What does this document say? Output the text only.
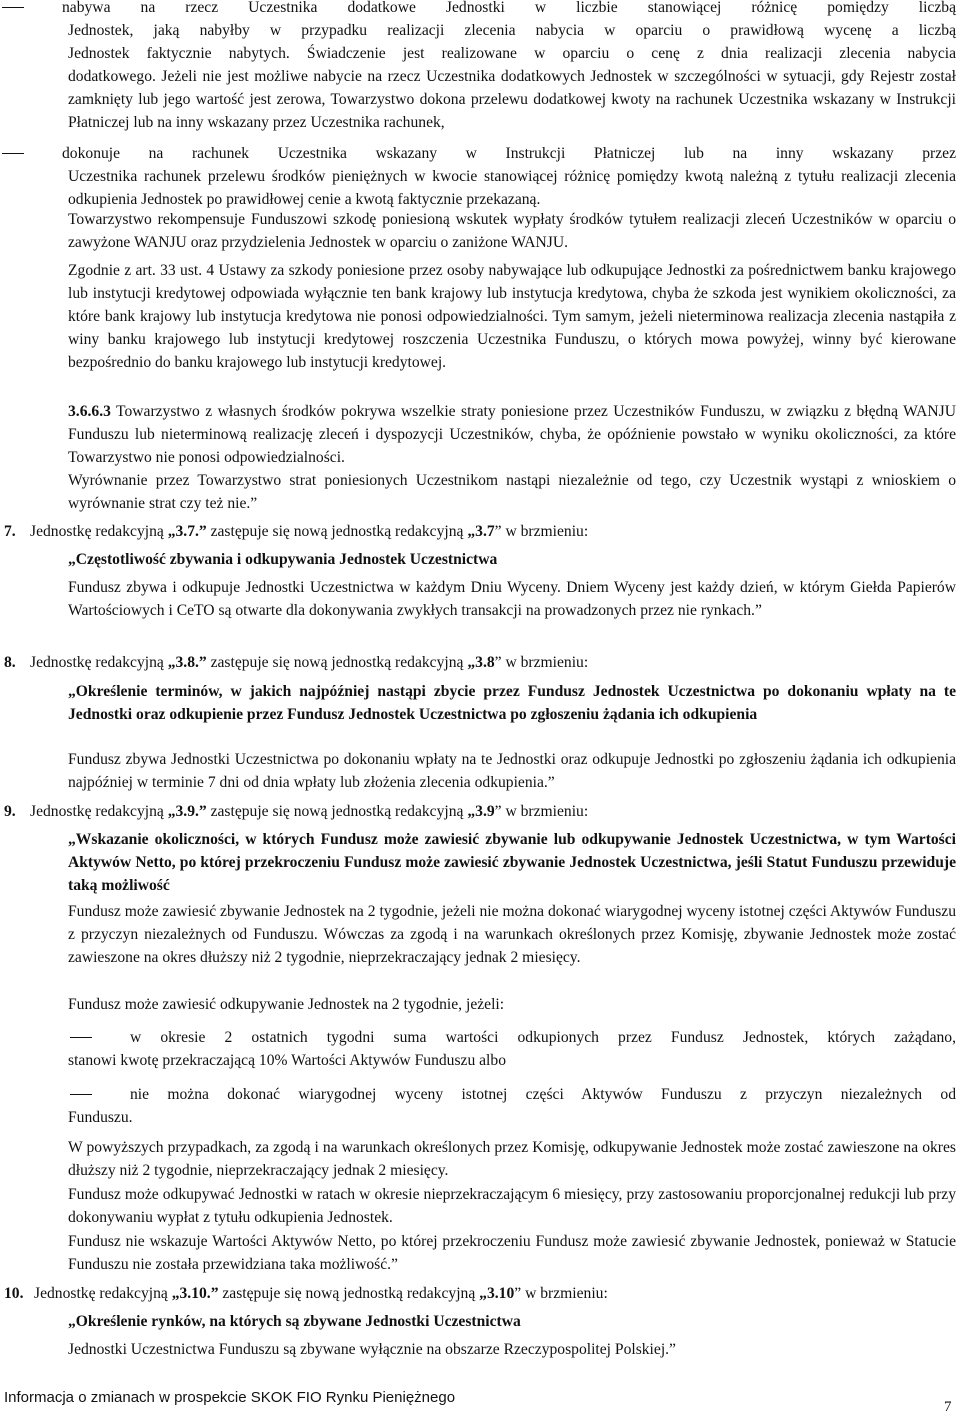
nabywa na rzecz Uczestnika dodatkowe Jednostki w liczbie stanowiącej różnicę pomiędzy liczbą
Jednostek, jaką nabyłby w przypadku realizacji zlecenia nabycia w oparciu o prawidłową wycenę a liczbą
Jednostek faktycznie nabytych. Świadczenie jest realizowane w oparciu o cenę z dnia realizacji zlecenia nabycia
dodatkowego. Jeżeli nie jest możliwe nabycie na rzecz Uczestnika dodatkowych Jednostek w szczególności w sytuacji, gdy Rejestr został zamknięty lub jego wartość jest zerowa, Towarzystwo dokona przelewu dodatkowej kwoty na rachunek Uczestnika wskazany w Instrukcji Płatniczej lub na inny wskazany przez Uczestnika rachunek,
dokonuje na rachunek Uczestnika wskazany w Instrukcji Płatniczej lub na inny wskazany przez
Uczestnika rachunek przelewu środków pieniężnych w kwocie stanowiącej różnicę pomiędzy kwotą należną z tytułu realizacji zlecenia odkupienia Jednostek po prawidłowej cenie a kwotą faktycznie przekazaną.
Towarzystwo rekompensuje Funduszowi szkodę poniesioną wskutek wypłaty środków tytułem realizacji zleceń Uczestników w oparciu o zawyżone WANJU oraz przydzielenia Jednostek w oparciu o zaniżone WANJU.
Zgodnie z art. 33 ust. 4 Ustawy za szkody poniesione przez osoby nabywające lub odkupujące Jednostki za pośrednictwem banku krajowego lub instytucji kredytowej odpowiada wyłącznie ten bank krajowy lub instytucja kredytowa, chyba że szkoda jest wynikiem okoliczności, za które bank krajowy lub instytucja kredytowa nie ponosi odpowiedzialności. Tym samym, jeżeli nieterminowa realizacja zlecenia nastąpiła z winy banku krajowego lub instytucji kredytowej roszczenia Uczestnika Funduszu, o których mowa powyżej, winny być kierowane bezpośrednio do banku krajowego lub instytucji kredytowej.
3.6.6.3 Towarzystwo z własnych środków pokrywa wszelkie straty poniesione przez Uczestników Funduszu, w związku z błędną WANJU Funduszu lub nieterminową realizację zleceń i dyspozycji Uczestników, chyba, że opóźnienie powstało w wyniku okoliczności, za które Towarzystwo nie ponosi odpowiedzialności.
Wyrównanie przez Towarzystwo strat poniesionych Uczestnikom nastąpi niezależnie od tego, czy Uczestnik wystąpi z wnioskiem o wyrównanie strat czy też nie.”
7. Jednostkę redakcyjną „3.7.” zastępuje się nową jednostką redakcyjną „3.7” w brzmieniu:
„Częstotliwość zbywania i odkupywania Jednostek Uczestnictwa
Fundusz zbywa i odkupuje Jednostki Uczestnictwa w każdym Dniu Wyceny. Dniem Wyceny jest każdy dzień, w którym Giełda Papierów Wartościowych i CeTO są otwarte dla dokonywania zwykłych transakcji na prowadzonych przez nie rynkach.”
8. Jednostkę redakcyjną „3.8.” zastępuje się nową jednostką redakcyjną „3.8” w brzmieniu:
„Określenie terminów, w jakich najpóźniej nastąpi zbycie przez Fundusz Jednostek Uczestnictwa po dokonaniu wpłaty na te Jednostki oraz odkupienie przez Fundusz Jednostek Uczestnictwa po zgłoszeniu żądania ich odkupienia
Fundusz zbywa Jednostki Uczestnictwa po dokonaniu wpłaty na te Jednostki oraz odkupuje Jednostki po zgłoszeniu żądania ich odkupienia najpóźniej w terminie 7 dni od dnia wpłaty lub złożenia zlecenia odkupienia.”
9. Jednostkę redakcyjną „3.9.” zastępuje się nową jednostką redakcyjną „3.9” w brzmieniu:
„Wskazanie okoliczności, w których Fundusz może zawiesić zbywanie lub odkupywanie Jednostek Uczestnictwa, w tym Wartości Aktywów Netto, po której przekroczeniu Fundusz może zawiesić zbywanie Jednostek Uczestnictwa, jeśli Statut Funduszu przewiduje taką możliwość
Fundusz może zawiesić zbywanie Jednostek na 2 tygodnie, jeżeli nie można dokonać wiarygodnej wyceny istotnej części Aktywów Funduszu z przyczyn niezależnych od Funduszu. Wówczas za zgodą i na warunkach określonych przez Komisję, zbywanie Jednostek może zostać zawieszone na okres dłuższy niż 2 tygodnie, nieprzekraczający jednak 2 miesięcy.
Fundusz może zawiesić odkupywanie Jednostek na 2 tygodnie, jeżeli:
w okresie 2 ostatnich tygodni suma wartości odkupionych przez Fundusz Jednostek, których zażądano,
stanowi kwotę przekraczającą 10% Wartości Aktywów Funduszu albo
nie można dokonać wiarygodnej wyceny istotnej części Aktywów Funduszu z przyczyn niezależnych od
Funduszu.
W powyższych przypadkach, za zgodą i na warunkach określonych przez Komisję, odkupywanie Jednostek może zostać zawieszone na okres dłuższy niż 2 tygodnie, nieprzekraczający jednak 2 miesięcy.
Fundusz może odkupywać Jednostki w ratach w okresie nieprzekraczającym 6 miesięcy, przy zastosowaniu proporcjonalnej redukcji lub przy dokonywaniu wypłat z tytułu odkupienia Jednostek.
Fundusz nie wskazuje Wartości Aktywów Netto, po której przekroczeniu Fundusz może zawiesić zbywanie Jednostek, ponieważ w Statucie Funduszu nie została przewidziana taka możliwość.”
10. Jednostkę redakcyjną „3.10.” zastępuje się nową jednostką redakcyjną „3.10” w brzmieniu:
„Określenie rynków, na których są zbywane Jednostki Uczestnictwa
Jednostki Uczestnictwa Funduszu są zbywane wyłącznie na obszarze Rzeczypospolitej Polskiej.”
Informacja o zmianach w prospekcie SKOK FIO Rynku Pieniężnego
7
